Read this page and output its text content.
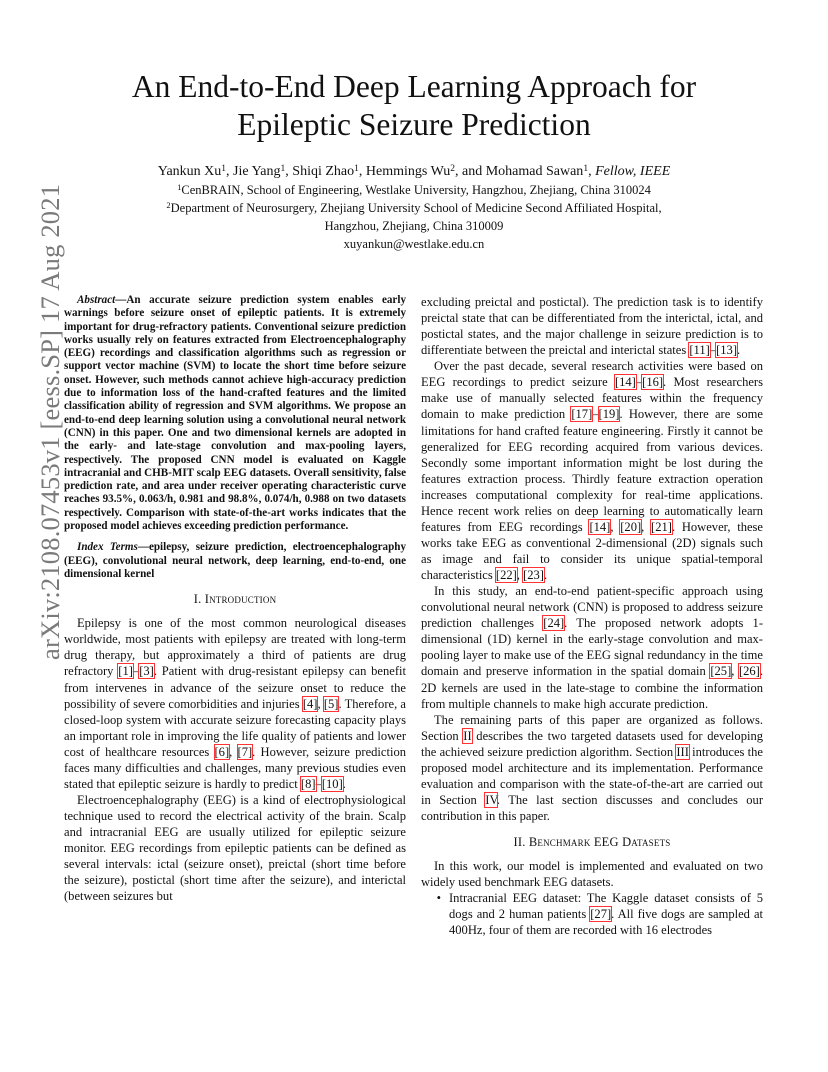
arXiv:2108.07453v1 [eess.SP] 17 Aug 2021
An End-to-End Deep Learning Approach for Epileptic Seizure Prediction
Yankun Xu$^1$, Jie Yang$^1$, Shiqi Zhao$^1$, Hemmings Wu$^2$, and Mohamad Sawan$^1$, Fellow, IEEE
$^1$CenBRAIN, School of Engineering, Westlake University, Hangzhou, Zhejiang, China 310024
$^2$Department of Neurosurgery, Zhejiang University School of Medicine Second Affiliated Hospital,
Hangzhou, Zhejiang, China 310009
xuyankun@westlake.edu.cn

Abstract—An accurate seizure prediction system enables early warnings before seizure onset of epileptic patients. It is extremely important for drug-refractory patients. Conventional seizure prediction works usually rely on features extracted from Electroencephalography (EEG) recordings and classification algorithms such as regression or support vector machine (SVM) to locate the short time before seizure onset. However, such methods cannot achieve high-accuracy prediction due to information loss of the hand-crafted features and the limited classification ability of regression and SVM algorithms. We propose an end-to-end deep learning solution using a convolutional neural network (CNN) in this paper. One and two dimensional kernels are adopted in the early- and late-stage convolution and max-pooling layers, respectively. The proposed CNN model is evaluated on Kaggle intracranial and CHB-MIT scalp EEG datasets. Overall sensitivity, false prediction rate, and area under receiver operating characteristic curve reaches 93.5%, 0.063/h, 0.981 and 98.8%, 0.074/h, 0.988 on two datasets respectively. Comparison with state-of-the-art works indicates that the proposed model achieves exceeding prediction performance.

Index Terms—epilepsy, seizure prediction, electroencephalography (EEG), convolutional neural network, deep learning, end-to-end, one dimensional kernel

I. Introduction

Epilepsy is one of the most common neurological diseases worldwide, most patients with epilepsy are treated with long-term drug therapy, but approximately a third of patients are drug refractory [1]–[3]. Patient with drug-resistant epilepsy can benefit from intervenes in advance of the seizure onset to reduce the possibility of severe comorbidities and injuries [4], [5]. Therefore, a closed-loop system with accurate seizure forecasting capacity plays an important role in improving the life quality of patients and lower cost of healthcare resources [6], [7]. However, seizure prediction faces many difficulties and challenges, many previous studies even stated that epileptic seizure is hardly to predict [8]–[10].

Electroencephalography (EEG) is a kind of electrophysiological technique used to record the electrical activity of the brain. Scalp and intracranial EEG are usually utilized for epileptic seizure monitor. EEG recordings from epileptic patients can be defined as several intervals: ictal (seizure onset), preictal (short time before the seizure), postictal (short time after the seizure), and interictal (between seizures but

excluding preictal and postictal). The prediction task is to identify preictal state that can be differentiated from the interictal, ictal, and postictal states, and the major challenge in seizure prediction is to differentiate between the preictal and interictal states [11]–[13].

Over the past decade, several research activities were based on EEG recordings to predict seizure [14]–[16]. Most researchers make use of manually selected features within the frequency domain to make prediction [17]–[19]. However, there are some limitations for hand crafted feature engineering. Firstly it cannot be generalized for EEG recording acquired from various devices. Secondly some important information might be lost during the features extraction process. Thirdly feature extraction operation increases computational complexity for real-time applications. Hence recent work relies on deep learning to automatically learn features from EEG recordings [14], [20], [21]. However, these works take EEG as conventional 2-dimensional (2D) signals such as image and fail to consider its unique spatial-temporal characteristics [22], [23].

In this study, an end-to-end patient-specific approach using convolutional neural network (CNN) is proposed to address seizure prediction challenges [24]. The proposed network adopts 1-dimensional (1D) kernel in the early-stage convolution and max-pooling layer to make use of the EEG signal redundancy in the time domain and preserve information in the spatial domain [25], [26]. 2D kernels are used in the late-stage to combine the information from multiple channels to make high accurate prediction.

The remaining parts of this paper are organized as follows. Section II describes the two targeted datasets used for developing the achieved seizure prediction algorithm. Section III introduces the proposed model architecture and its implementation. Performance evaluation and comparison with the state-of-the-art are carried out in Section IV. The last section discusses and concludes our contribution in this paper.

II. Benchmark EEG Datasets

In this work, our model is implemented and evaluated on two widely used benchmark EEG datasets.

• Intracranial EEG dataset: The Kaggle dataset consists of 5 dogs and 2 human patients [27]. All five dogs are sampled at 400Hz, four of them are recorded with 16 electrodes
